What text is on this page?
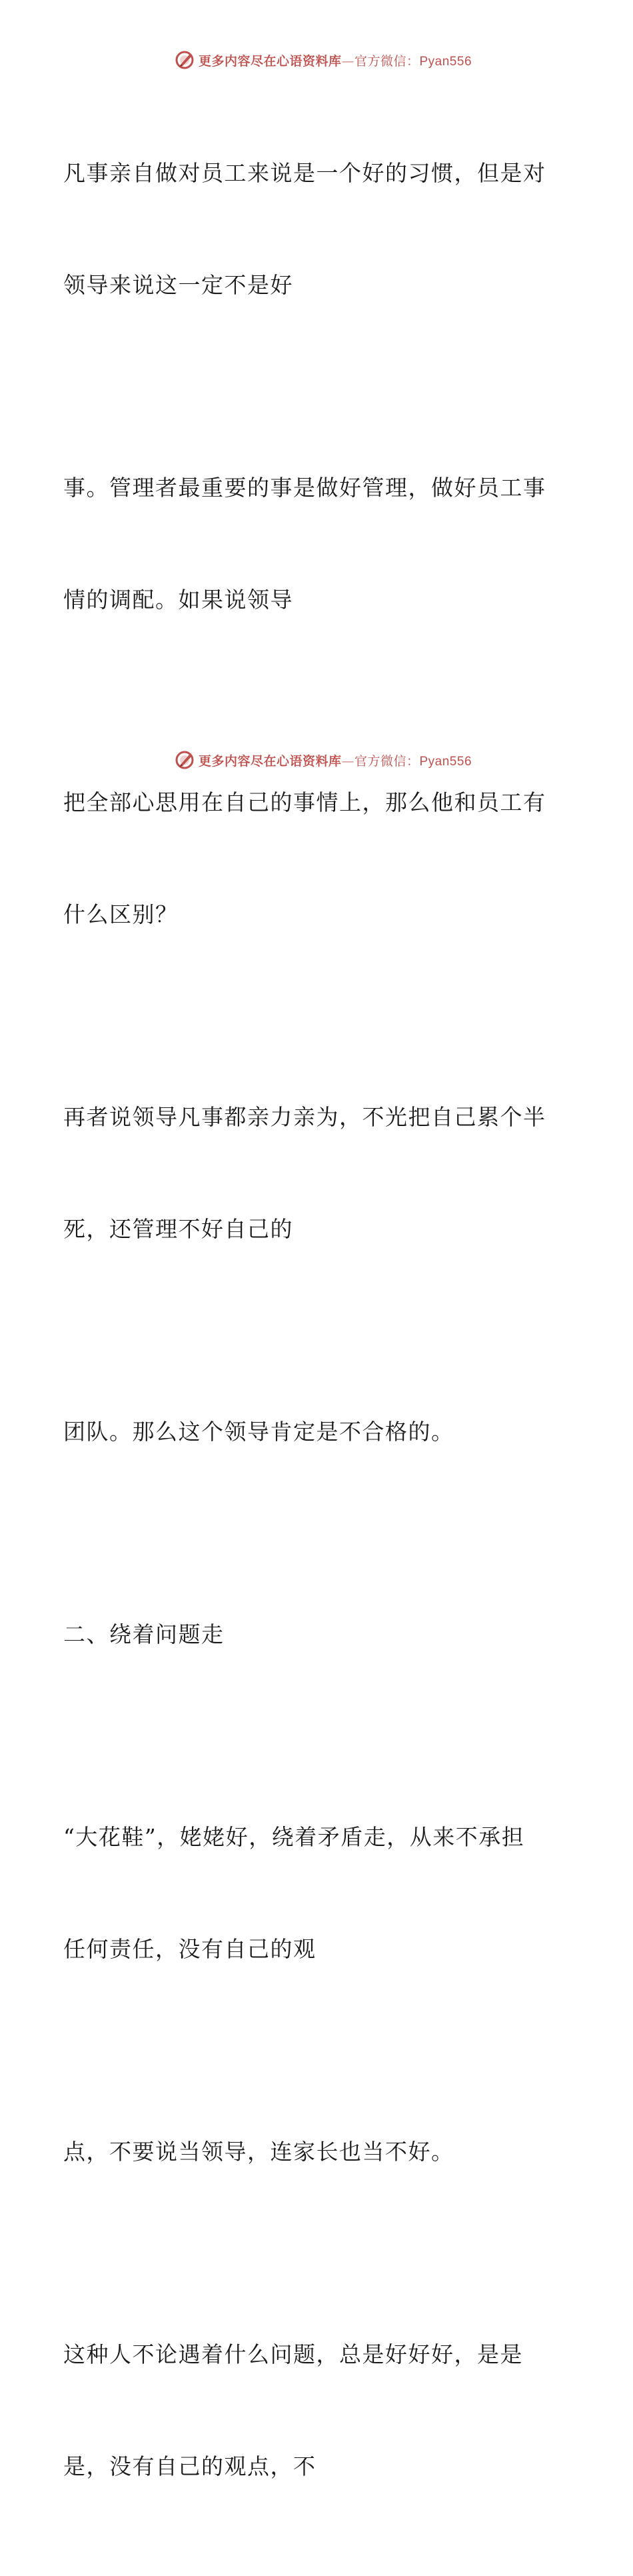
更多内容尽在心语资料库—官方微信：Pyan556

凡事亲自做对员工来说是一个好的习惯，但是对

领导来说这一定不是好

事。管理者最重要的事是做好管理，做好员工事

情的调配。如果说领导

把全部心思用在自己的事情上，那么他和员工有

什么区别？

再者说领导凡事都亲力亲为，不光把自己累个半

死，还管理不好自己的

团队。那么这个领导肯定是不合格的。

二、绕着问题走

“大花鞋”，姥姥好，绕着矛盾走，从来不承担

任何责任，没有自己的观

点，不要说当领导，连家长也当不好。

这种人不论遇着什么问题，总是好好好，是是

是，没有自己的观点，不

更多内容尽在心语资料库—官方微信：Pyan556
